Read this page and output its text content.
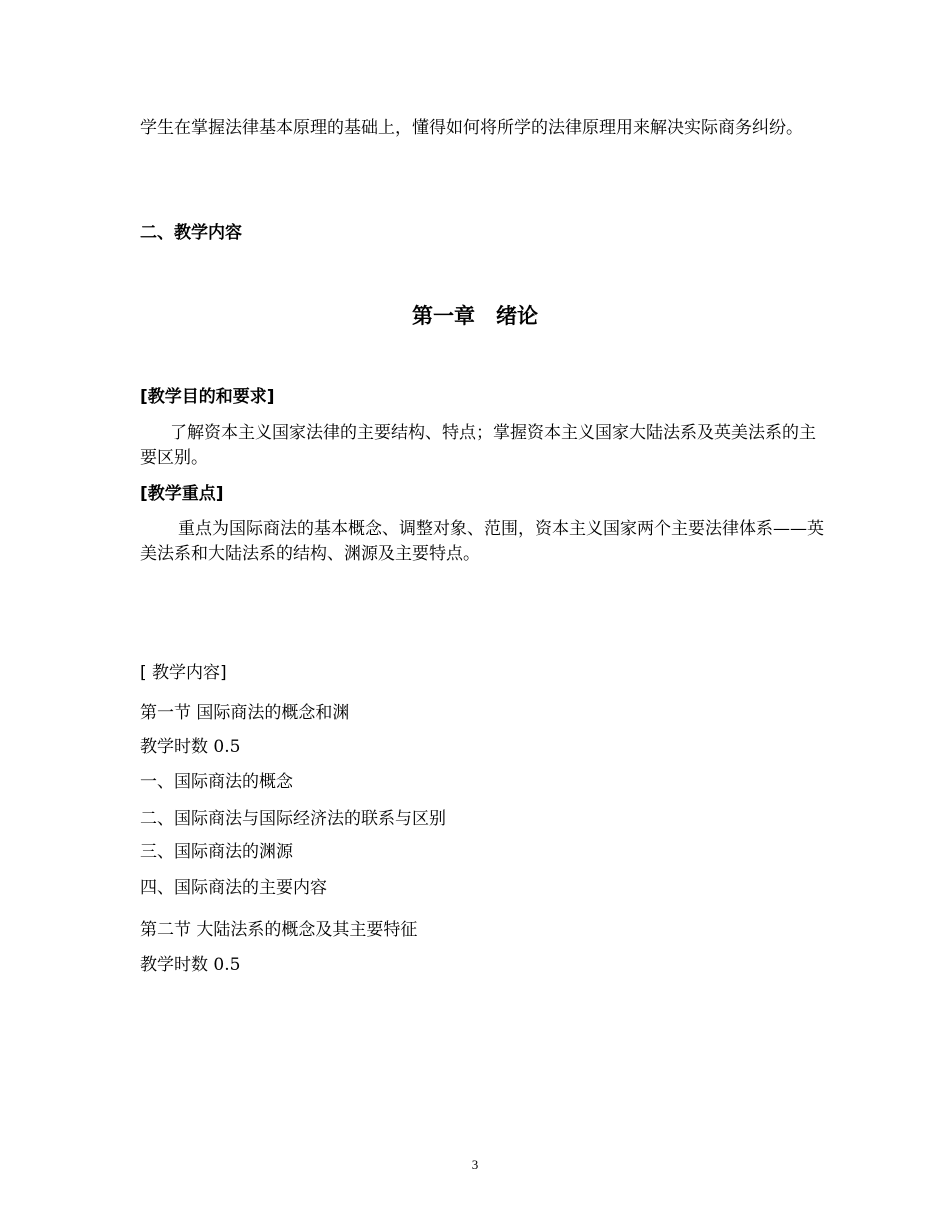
学生在掌握法律基本原理的基础上，懂得如何将所学的法律原理用来解决实际商务纠纷。

二、教学内容

第一章　绪论

[教学目的和要求]

了解资本主义国家法律的主要结构、特点；掌握资本主义国家大陆法系及英美法系的主要区别。

[教学重点]

重点为国际商法的基本概念、调整对象、范围，资本主义国家两个主要法律体系——英美法系和大陆法系的结构、渊源及主要特点。

[ 教学内容]

第一节 国际商法的概念和渊

教学时数 0.5

一、国际商法的概念

二、国际商法与国际经济法的联系与区别

三、国际商法的渊源

四、国际商法的主要内容

第二节 大陆法系的概念及其主要特征

教学时数 0.5

3
